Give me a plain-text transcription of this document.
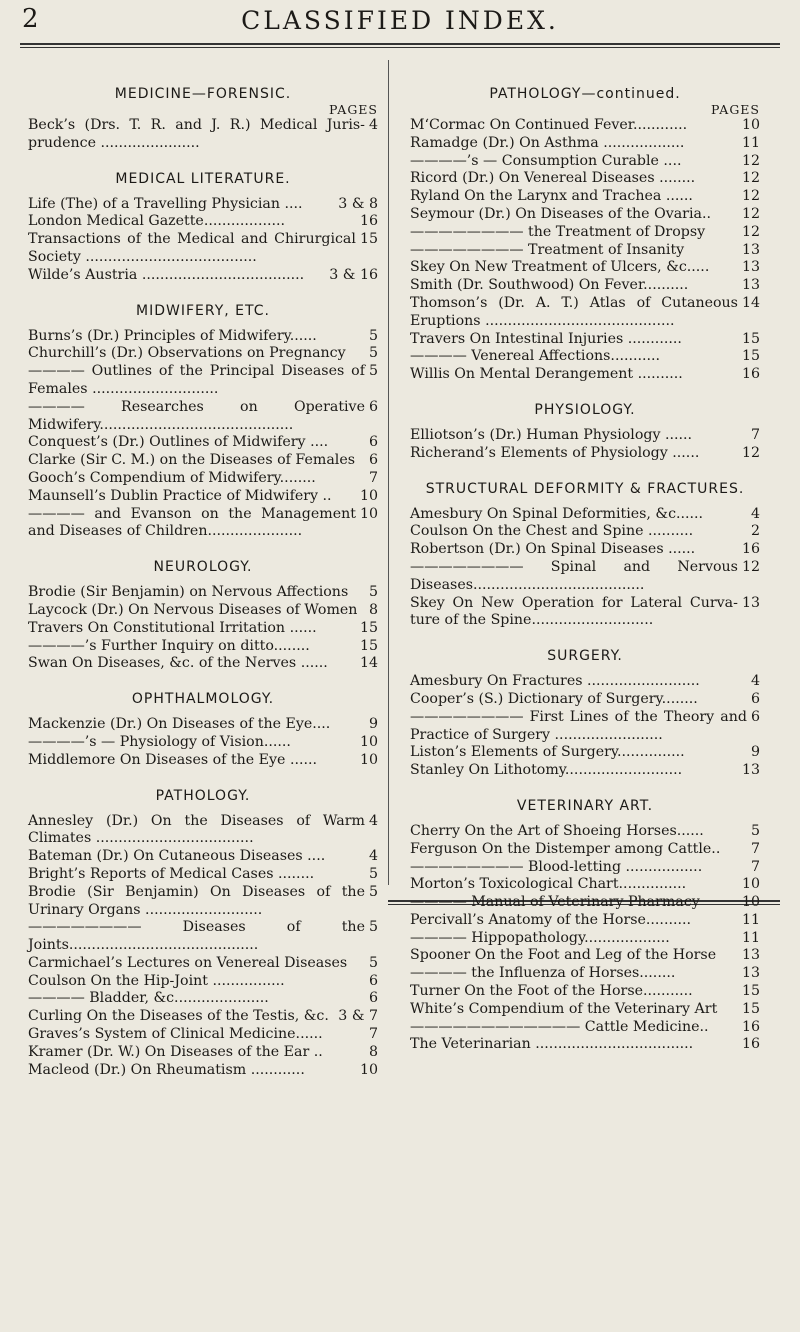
2	CLASSIFIED INDEX.
MEDICINE—FORENSIC.
PAGES
4
Beck’s (Drs. T. R. and J. R.) Medical Juris- prudence ......................
MEDICAL LITERATURE.
3 & 8
Life (The) of a Travelling Physician ....
16
London Medical Gazette..................
15
Transactions of the Medical and Chirurgical Society ......................................
3 & 16
Wilde’s Austria ....................................
MIDWIFERY, ETC.
5
Burns’s (Dr.) Principles of Midwifery......
5
Churchill’s (Dr.) Observations on Pregnancy
5
———— Outlines of the Principal Diseases of Females ............................
6
———— Researches on Operative Midwifery...........................................
6
Conquest’s (Dr.) Outlines of Midwifery ....
6
Clarke (Sir C. M.) on the Diseases of Females
7
Gooch’s Compendium of Midwifery........
10
Maunsell’s Dublin Practice of Midwifery ..
10
———— and Evanson on the Management and Diseases of Children.....................
NEUROLOGY.
5
Brodie (Sir Benjamin) on Nervous Affections
8
Laycock (Dr.) On Nervous Diseases of Women
15
Travers On Constitutional Irritation ......
15
————’s Further Inquiry on ditto........
14
Swan On Diseases, &c. of the Nerves ......
OPHTHALMOLOGY.
9
Mackenzie (Dr.) On Diseases of the Eye....
10
————’s — Physiology of Vision......
10
Middlemore On Diseases of the Eye ......
PATHOLOGY.
4
Annesley (Dr.) On the Diseases of Warm Climates ...................................
4
Bateman (Dr.) On Cutaneous Diseases ....
5
Bright’s Reports of Medical Cases ........
5
Brodie (Sir Benjamin) On Diseases of the Urinary Organs ..........................
5
———————— Diseases of the Joints..........................................
5
Carmichael’s Lectures on Venereal Diseases
6
Coulson On the Hip-Joint ................
6
———— Bladder, &c.....................
3 & 7
Curling On the Diseases of the Testis, &c.
7
Graves’s System of Clinical Medicine......
8
Kramer (Dr. W.) On Diseases of the Ear ..
10
Macleod (Dr.) On Rheumatism ............
PATHOLOGY—continued.
PAGES
10
M‘Cormac On Continued Fever............
11
Ramadge (Dr.) On Asthma ..................
12
————’s — Consumption Curable ....
12
Ricord (Dr.) On Venereal Diseases ........
12
Ryland On the Larynx and Trachea ......
12
Seymour (Dr.) On Diseases of the Ovaria..
12
———————— the Treatment of Dropsy
13
———————— Treatment of Insanity
13
Skey On New Treatment of Ulcers, &c.....
13
Smith (Dr. Southwood) On Fever..........
14
Thomson’s (Dr. A. T.) Atlas of Cutaneous Eruptions ..........................................
15
Travers On Intestinal Injuries ............
15
———— Venereal Affections...........
16
Willis On Mental Derangement ..........
PHYSIOLOGY.
7
Elliotson’s (Dr.) Human Physiology ......
12
Richerand’s Elements of Physiology ......
STRUCTURAL DEFORMITY & FRACTURES.
4
Amesbury On Spinal Deformities, &c......
2
Coulson On the Chest and Spine ..........
16
Robertson (Dr.) On Spinal Diseases ......
12
———————— Spinal and Nervous Diseases......................................
13
Skey On New Operation for Lateral Curva- ture of the Spine...........................
SURGERY.
4
Amesbury On Fractures .........................
6
Cooper’s (S.) Dictionary of Surgery........
6
———————— First Lines of the Theory and Practice of Surgery ........................
9
Liston’s Elements of Surgery...............
13
Stanley On Lithotomy..........................
VETERINARY ART.
5
Cherry On the Art of Shoeing Horses......
7
Ferguson On the Distemper among Cattle..
7
———————— Blood-letting .................
10
Morton’s Toxicological Chart...............
10
———— Manual of Veterinary Pharmacy
11
Percivall’s Anatomy of the Horse..........
11
———— Hippopathology...................
13
Spooner On the Foot and Leg of the Horse
13
———— the Influenza of Horses........
15
Turner On the Foot of the Horse...........
15
White’s Compendium of the Veterinary Art
16
———————————— Cattle Medicine..
16
The Veterinarian ...................................
